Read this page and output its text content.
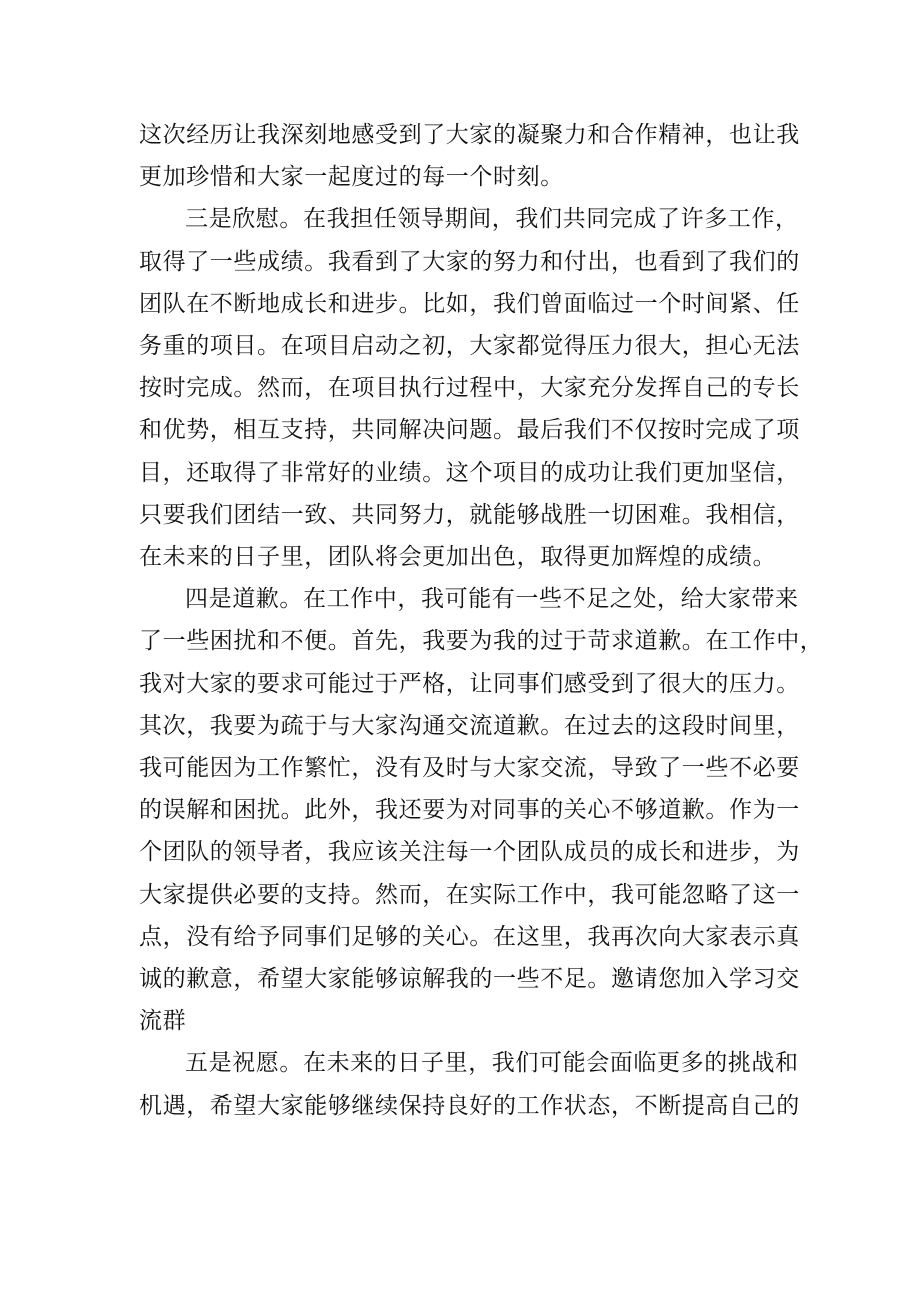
这次经历让我深刻地感受到了大家的凝聚力和合作精神，也让我
更加珍惜和大家一起度过的每一个时刻。

三是欣慰。在我担任领导期间，我们共同完成了许多工作，
取得了一些成绩。我看到了大家的努力和付出，也看到了我们的
团队在不断地成长和进步。比如，我们曾面临过一个时间紧、任
务重的项目。在项目启动之初，大家都觉得压力很大，担心无法
按时完成。然而，在项目执行过程中，大家充分发挥自己的专长
和优势，相互支持，共同解决问题。最后我们不仅按时完成了项
目，还取得了非常好的业绩。这个项目的成功让我们更加坚信，
只要我们团结一致、共同努力，就能够战胜一切困难。我相信，
在未来的日子里，团队将会更加出色，取得更加辉煌的成绩。

四是道歉。在工作中，我可能有一些不足之处，给大家带来
了一些困扰和不便。首先，我要为我的过于苛求道歉。在工作中，
我对大家的要求可能过于严格，让同事们感受到了很大的压力。
其次，我要为疏于与大家沟通交流道歉。在过去的这段时间里，
我可能因为工作繁忙，没有及时与大家交流，导致了一些不必要
的误解和困扰。此外，我还要为对同事的关心不够道歉。作为一
个团队的领导者，我应该关注每一个团队成员的成长和进步，为
大家提供必要的支持。然而，在实际工作中，我可能忽略了这一
点，没有给予同事们足够的关心。在这里，我再次向大家表示真
诚的歉意，希望大家能够谅解我的一些不足。邀请您加入学习交
流群

五是祝愿。在未来的日子里，我们可能会面临更多的挑战和
机遇，希望大家能够继续保持良好的工作状态，不断提高自己的
